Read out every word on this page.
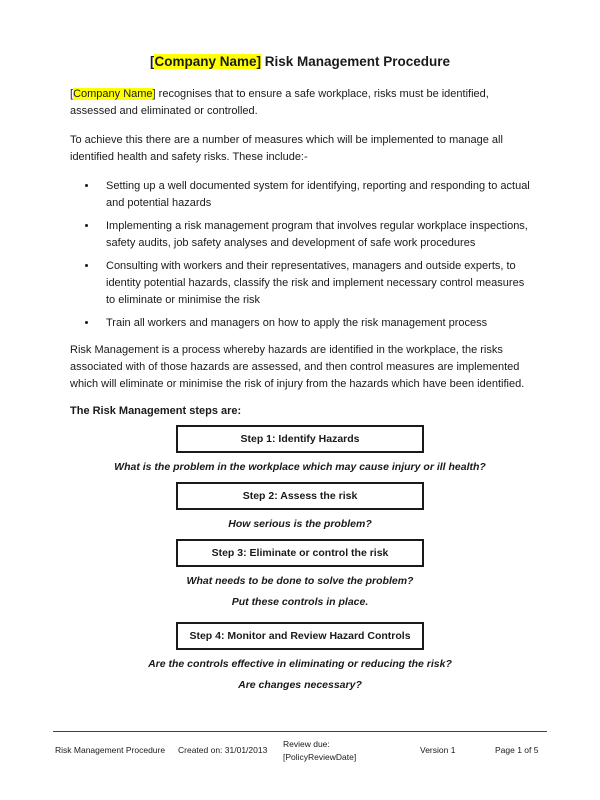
[Company Name] Risk Management Procedure

[Company Name] recognises that to ensure a safe workplace, risks must be identified, assessed and eliminated or controlled.

To achieve this there are a number of measures which will be implemented to manage all identified health and safety risks. These include:-

• Setting up a well documented system for identifying, reporting and responding to actual and potential hazards
• Implementing a risk management program that involves regular workplace inspections, safety audits, job safety analyses and development of safe work procedures
• Consulting with workers and their representatives, managers and outside experts, to identity potential hazards, classify the risk and implement necessary control measures to eliminate or minimise the risk
• Train all workers and managers on how to apply the risk management process

Risk Management is a process whereby hazards are identified in the workplace, the risks associated with of those hazards are assessed, and then control measures are implemented which will eliminate or minimise the risk of injury from the hazards which have been identified.

The Risk Management steps are:

Step 1: Identify Hazards
What is the problem in the workplace which may cause injury or ill health?
Step 2: Assess the risk
How serious is the problem?
Step 3: Eliminate or control the risk
What needs to be done to solve the problem?
Put these controls in place.
Step 4: Monitor and Review Hazard Controls
Are the controls effective in eliminating or reducing the risk?
Are changes necessary?
Risk Management Procedure Created on: 31/01/2013
Review due:

[PolicyReviewDate]
Version 1	Page 1 of 5
